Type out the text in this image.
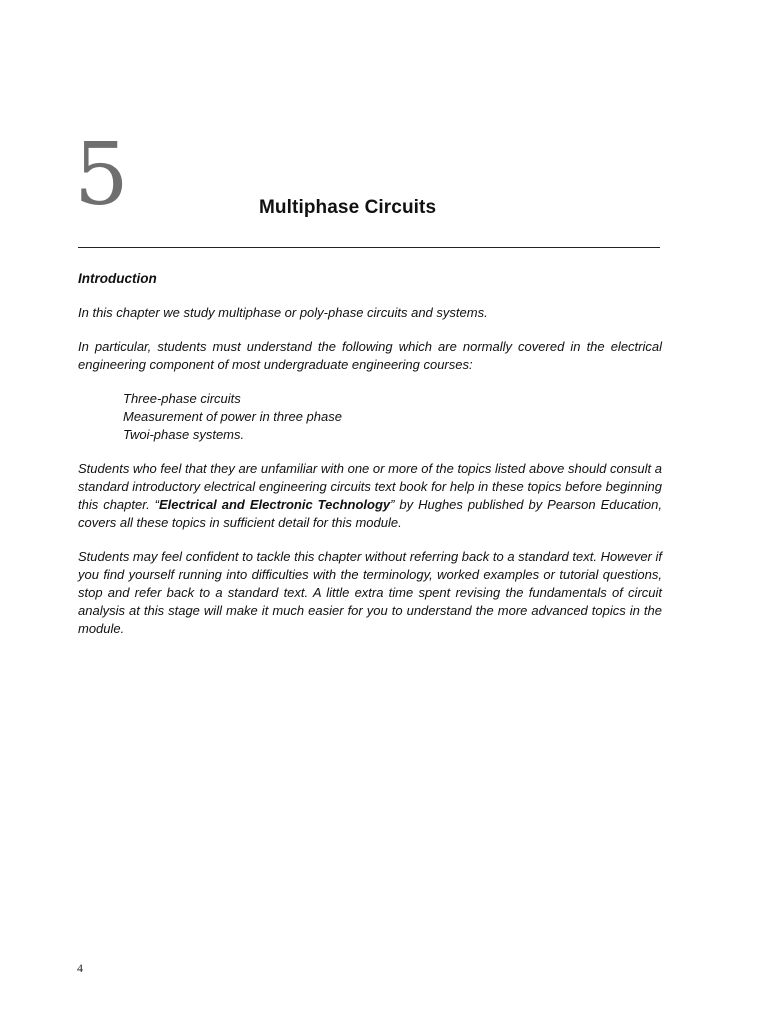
5	Multiphase Circuits
Introduction

In this chapter we study multiphase or poly-phase circuits and systems.

In particular, students must understand the following which are normally covered in the electrical engineering component of most undergraduate engineering courses:

Three-phase circuits
Measurement of power in three phase
Twoi-phase systems.

Students who feel that they are unfamiliar with one or more of the topics listed above should consult a standard introductory electrical engineering circuits text book for help in these topics before beginning this chapter. “Electrical and Electronic Technology” by Hughes published by Pearson Education, covers all these topics in sufficient detail for this module.

Students may feel confident to tackle this chapter without referring back to a standard text. However if you find yourself running into difficulties with the terminology, worked examples or tutorial questions, stop and refer back to a standard text. A little extra time spent revising the fundamentals of circuit analysis at this stage will make it much easier for you to understand the more advanced topics in the module.

4
